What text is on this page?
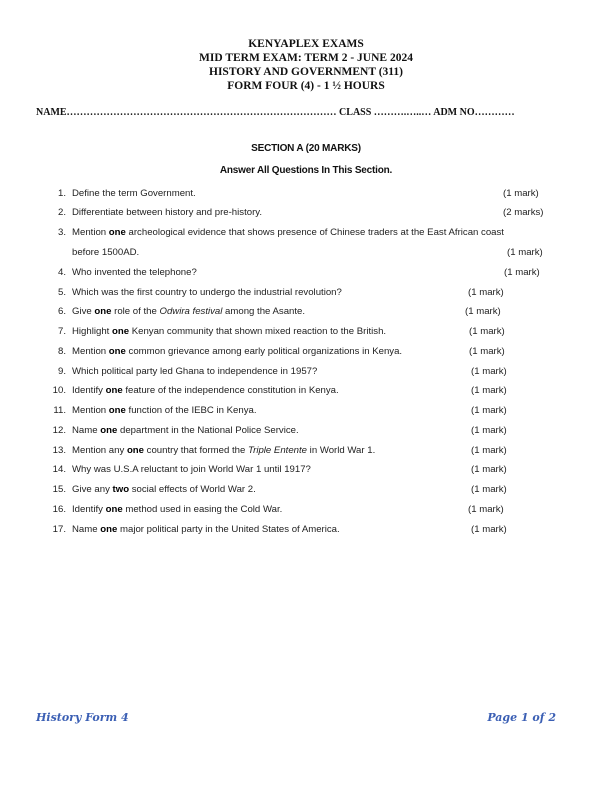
KENYAPLEX EXAMS
MID TERM EXAM: TERM 2 - JUNE 2024
HISTORY AND GOVERNMENT (311)
FORM FOUR (4) - 1 ½ HOURS
NAME……………………………………………………………………… CLASS ……….…..… ADM NO…………
SECTION A (20 MARKS)
Answer All Questions In This Section.
1. Define the term Government.	(1 mark)
2. Differentiate between history and pre-history.	(2 marks)
3. Mention one archeological evidence that shows presence of Chinese traders at the East African coast
before 1500AD.	(1 mark)
4. Who invented the telephone?	(1 mark)
5. Which was the first country to undergo the industrial revolution?	(1 mark)
6. Give one role of the Odwira festival among the Asante.	(1 mark)
7. Highlight one Kenyan community that shown mixed reaction to the British.	(1 mark)
8. Mention one common grievance among early political organizations in Kenya.	(1 mark)
9. Which political party led Ghana to independence in 1957?	(1 mark)
10. Identify one feature of the independence constitution in Kenya.	(1 mark)
11. Mention one function of the IEBC in Kenya.	(1 mark)
12. Name one department in the National Police Service.	(1 mark)
13. Mention any one country that formed the Triple Entente in World War 1.	(1 mark)
14. Why was U.S.A reluctant to join World War 1 until 1917?	(1 mark)
15. Give any two social effects of World War 2.	(1 mark)
16. Identify one method used in easing the Cold War.	(1 mark)
17. Name one major political party in the United States of America.	(1 mark)
History Form 4	Page 1 of 2
